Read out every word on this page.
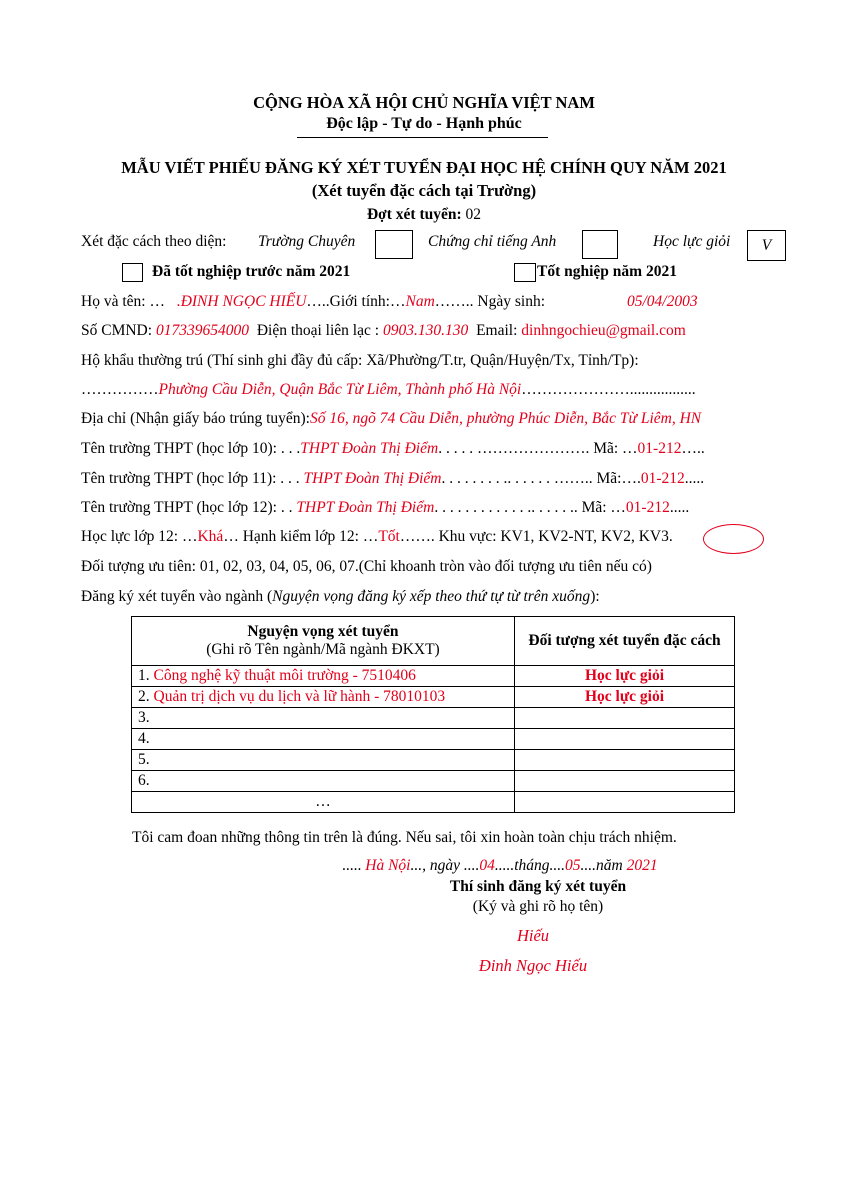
CỘNG HÒA XÃ HỘI CHỦ NGHĨA VIỆT NAM
Độc lập - Tự do - Hạnh phúc
MẪU VIẾT PHIẾU ĐĂNG KÝ XÉT TUYỂN ĐẠI HỌC HỆ CHÍNH QUY NĂM 2021
(Xét tuyển đặc cách tại Trường)
Đợt xét tuyển: 02
Xét đặc cách theo diện: Trường Chuyên	Chứng chỉ tiếng Anh	Học lực giỏi	V
Đã tốt nghiệp trước năm 2021	Tốt nghiệp năm 2021
Họ và tên: … .ĐINH NGỌC HIẾU…..Giới tính:…Nam…….. Ngày sinh:	05/04/2003
Số CMND: 017339654000 Điện thoại liên lạc : 0903.130.130 Email: dinhngochieu@gmail.com
Hộ khẩu thường trú (Thí sinh ghi đầy đủ cấp: Xã/Phường/T.tr, Quận/Huyện/Tx, Tỉnh/Tp):
……………Phường Cầu Diễn, Quận Bắc Từ Liêm, Thành phố Hà Nội………………….................
Địa chỉ (Nhận giấy báo trúng tuyển):Số 16, ngõ 74 Cầu Diễn, phường Phúc Diễn, Bắc Từ Liêm, HN
Tên trường THPT (học lớp 10): . . .THPT Đoàn Thị Điểm. . . . . …………………. Mã: …01-212…..
Tên trường THPT (học lớp 11): . . . THPT Đoàn Thị Điểm. . . . . . . . .. . . . . . …….. Mã:….01-212.....
Tên trường THPT (học lớp 12): . . THPT Đoàn Thị Điểm. . . . . . . . . . . . .. . . . . .. Mã: …01-212.....
Học lực lớp 12: …Khá… Hạnh kiểm lớp 12: …Tốt……. Khu vực: KV1, KV2-NT, KV2, KV3.
Đối tượng ưu tiên: 01, 02, 03, 04, 05, 06, 07.(Chỉ khoanh tròn vào đối tượng ưu tiên nếu có)
Đăng ký xét tuyển vào ngành (Nguyện vọng đăng ký xếp theo thứ tự từ trên xuống):
Nguyện vọng xét tuyển
(Ghi rõ Tên ngành/Mã ngành ĐKXT)	Đối tượng xét tuyển đặc cách
1. Công nghệ kỹ thuật môi trường - 7510406	Học lực giỏi
2. Quản trị dịch vụ du lịch và lữ hành - 78010103	Học lực giỏi
3.	
4.	
5.	
6.	
…	
Tôi cam đoan những thông tin trên là đúng. Nếu sai, tôi xin hoàn toàn chịu trách nhiệm.
..... Hà Nội..., ngày ....04.....tháng....05....năm 2021
Thí sinh đăng ký xét tuyển
(Ký và ghi rõ họ tên)
Hiếu
Đinh Ngọc Hiếu
